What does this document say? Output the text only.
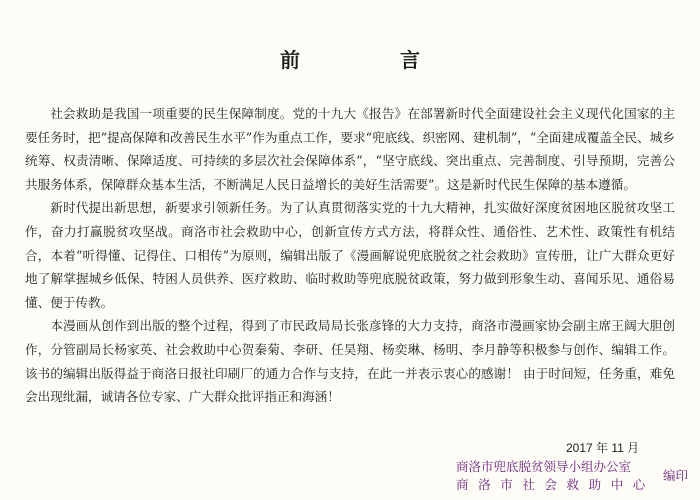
前　言

社会救助是我国一项重要的民生保障制度。党的十九大《报告》在部署新时代全面建设社会主义现代化国家的主要任务时，把“提高保障和改善民生水平”作为重点工作，要求“兜底线、织密网、建机制”，“全面建成覆盖全民、城乡统筹、权责清晰、保障适度、可持续的多层次社会保障体系”，“坚守底线、突出重点、完善制度、引导预期，完善公共服务体系，保障群众基本生活，不断满足人民日益增长的美好生活需要”。这是新时代民生保障的基本遵循。

新时代提出新思想，新要求引领新任务。为了认真贯彻落实党的十九大精神，扎实做好深度贫困地区脱贫攻坚工作，奋力打赢脱贫攻坚战。商洛市社会救助中心，创新宣传方式方法，将群众性、通俗性、艺术性、政策性有机结合，本着“听得懂、记得住、口相传”为原则，编辑出版了《漫画解说兜底脱贫之社会救助》宣传册，让广大群众更好地了解掌握城乡低保、特困人员供养、医疗救助、临时救助等兜底脱贫政策，努力做到形象生动、喜闻乐见、通俗易懂、便于传教。

本漫画从创作到出版的整个过程，得到了市民政局局长张彦锋的大力支持，商洛市漫画家协会副主席王阔大胆创作，分管副局长杨家英、社会救助中心贺秦菊、李研、任昊翔、杨奕琳、杨明、李月静等积极参与创作、编辑工作。该书的编辑出版得益于商洛日报社印刷厂的通力合作与支持，在此一并表示衷心的感谢！ 由于时间短，任务重，难免会出现纰漏，诚请各位专家、广大群众批评指正和海涵！

2017 年 11 月
商洛市兜底脱贫领导小组办公室
商洛市社会救助中心
编印
